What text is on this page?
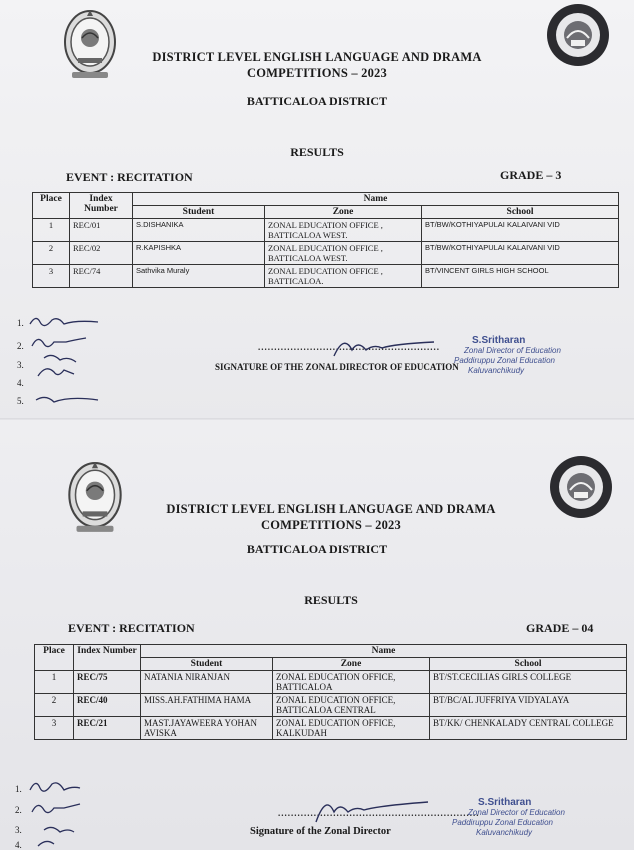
DISTRICT LEVEL ENGLISH LANGUAGE AND DRAMA
COMPETITIONS – 2023
BATTICALOA DISTRICT
RESULTS
EVENT : RECITATION	GRADE – 3
Place	Index Number	Name		
		Student	Zone	School
1	REC/01	S.DISHANIKA	ZONAL EDUCATION OFFICE , BATTICALOA WEST.	BT/BW/KOTHIYAPULAI KALAIVANI VID
2	REC/02	R.KAPISHKA	ZONAL EDUCATION OFFICE , BATTICALOA WEST.	BT/BW/KOTHIYAPULAI KALAIVANI VID
3	REC/74	Sathvika Muraly	ZONAL EDUCATION OFFICE , BATTICALOA.	BT/VINCENT GIRLS HIGH SCHOOL
1.
2.
3.
4.
5.
........................................................
SIGNATURE OF THE ZONAL DIRECTOR OF EDUCATION
S.Sritharan
Zonal Director of Education
Paddiruppu Zonal Education
Kaluvanchikudy
DISTRICT LEVEL ENGLISH LANGUAGE AND DRAMA
COMPETITIONS – 2023
BATTICALOA DISTRICT
RESULTS
EVENT : RECITATION	GRADE – 04
Place	Index Number	Name		
		Student	Zone	School
1	REC/75	NATANIA NIRANJAN	ZONAL EDUCATION OFFICE, BATTICALOA	BT/ST.CECILIAS GIRLS COLLEGE
2	REC/40	MISS.AH.FATHIMA HAMA	ZONAL EDUCATION OFFICE, BATTICALOA CENTRAL	BT/BC/AL JUFFRIYA VIDYALAYA
3	REC/21	MAST.JAYAWEERA YOHAN AVISKA	ZONAL EDUCATION OFFICE, KALKUDAH	BT/KK/ CHENKALADY CENTRAL COLLEGE
1.
2.
3.
4.
..............................................................
Signature of the Zonal Director
S.Sritharan
Zonal Director of Education
Paddiruppu Zonal Education
Kaluvanchikudy
